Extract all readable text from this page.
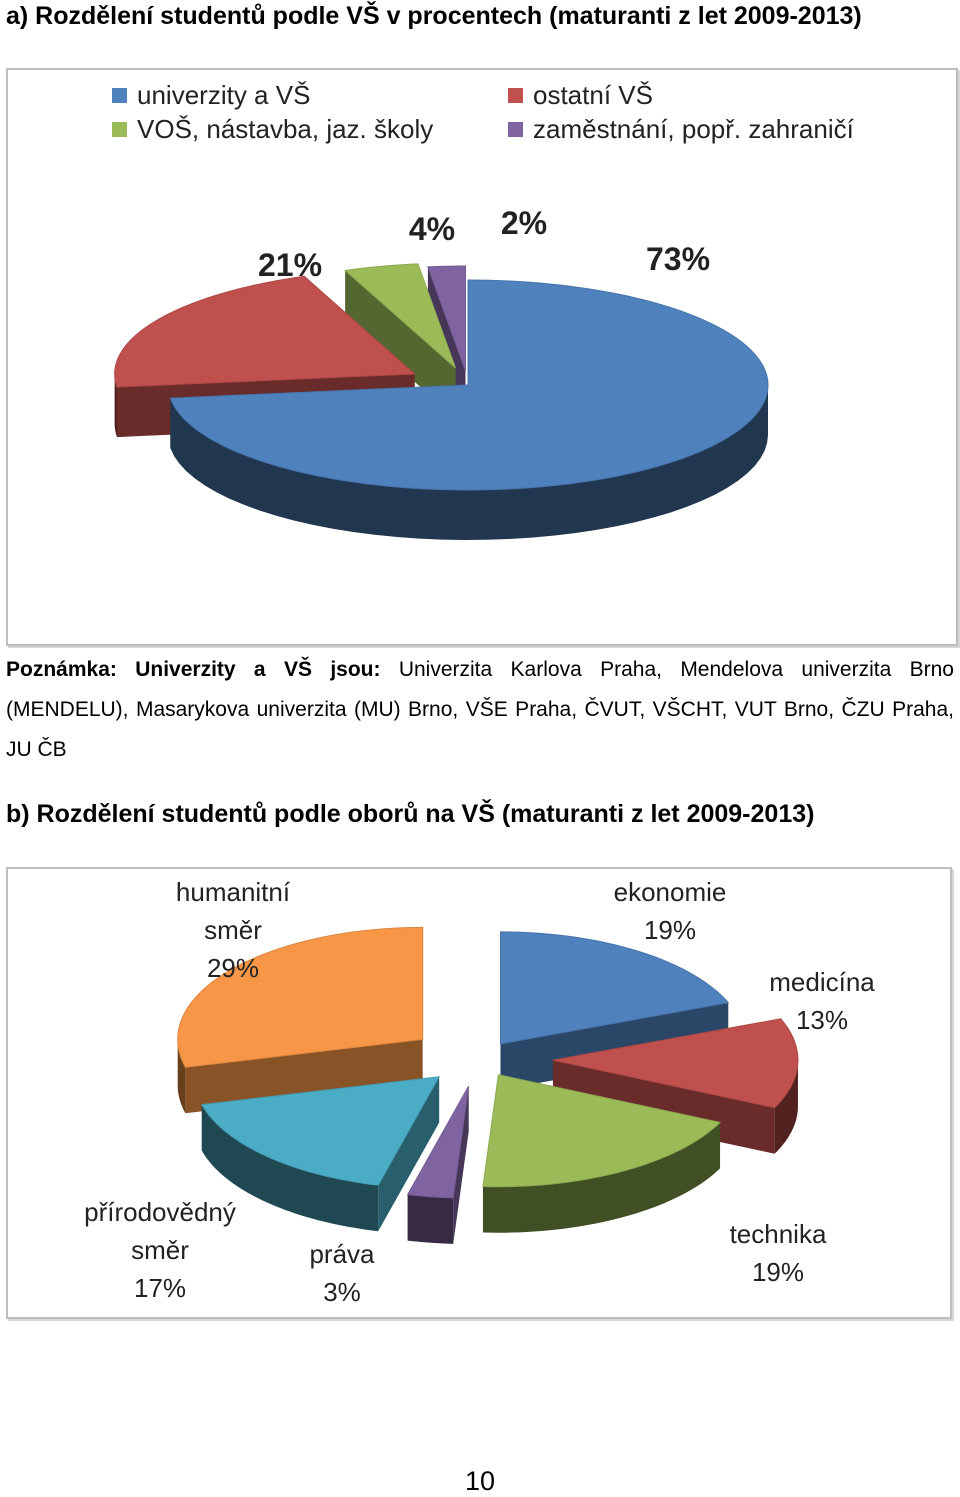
a) Rozdělení studentů podle VŠ v procentech (maturanti z let 2009-2013)
univerzity a VŠ
VOŠ, nástavba, jaz. školy
ostatní VŠ
zaměstnání, popř. zahraničí
73%
21%
4% 2%
Poznámka: Univerzity a VŠ jsou: Univerzita Karlova Praha, Mendelova univerzita Brno (MENDELU), Masarykova univerzita (MU) Brno, VŠE Praha, ČVUT, VŠCHT, VUT Brno, ČZU Praha, JU ČB
b) Rozdělení studentů podle oborů na VŠ (maturanti z let 2009-2013)
ekonomie 19%
medicína 13%
technika 19%
práva 3%
přírodovědný směr 17%
humanitní směr 29%
10
